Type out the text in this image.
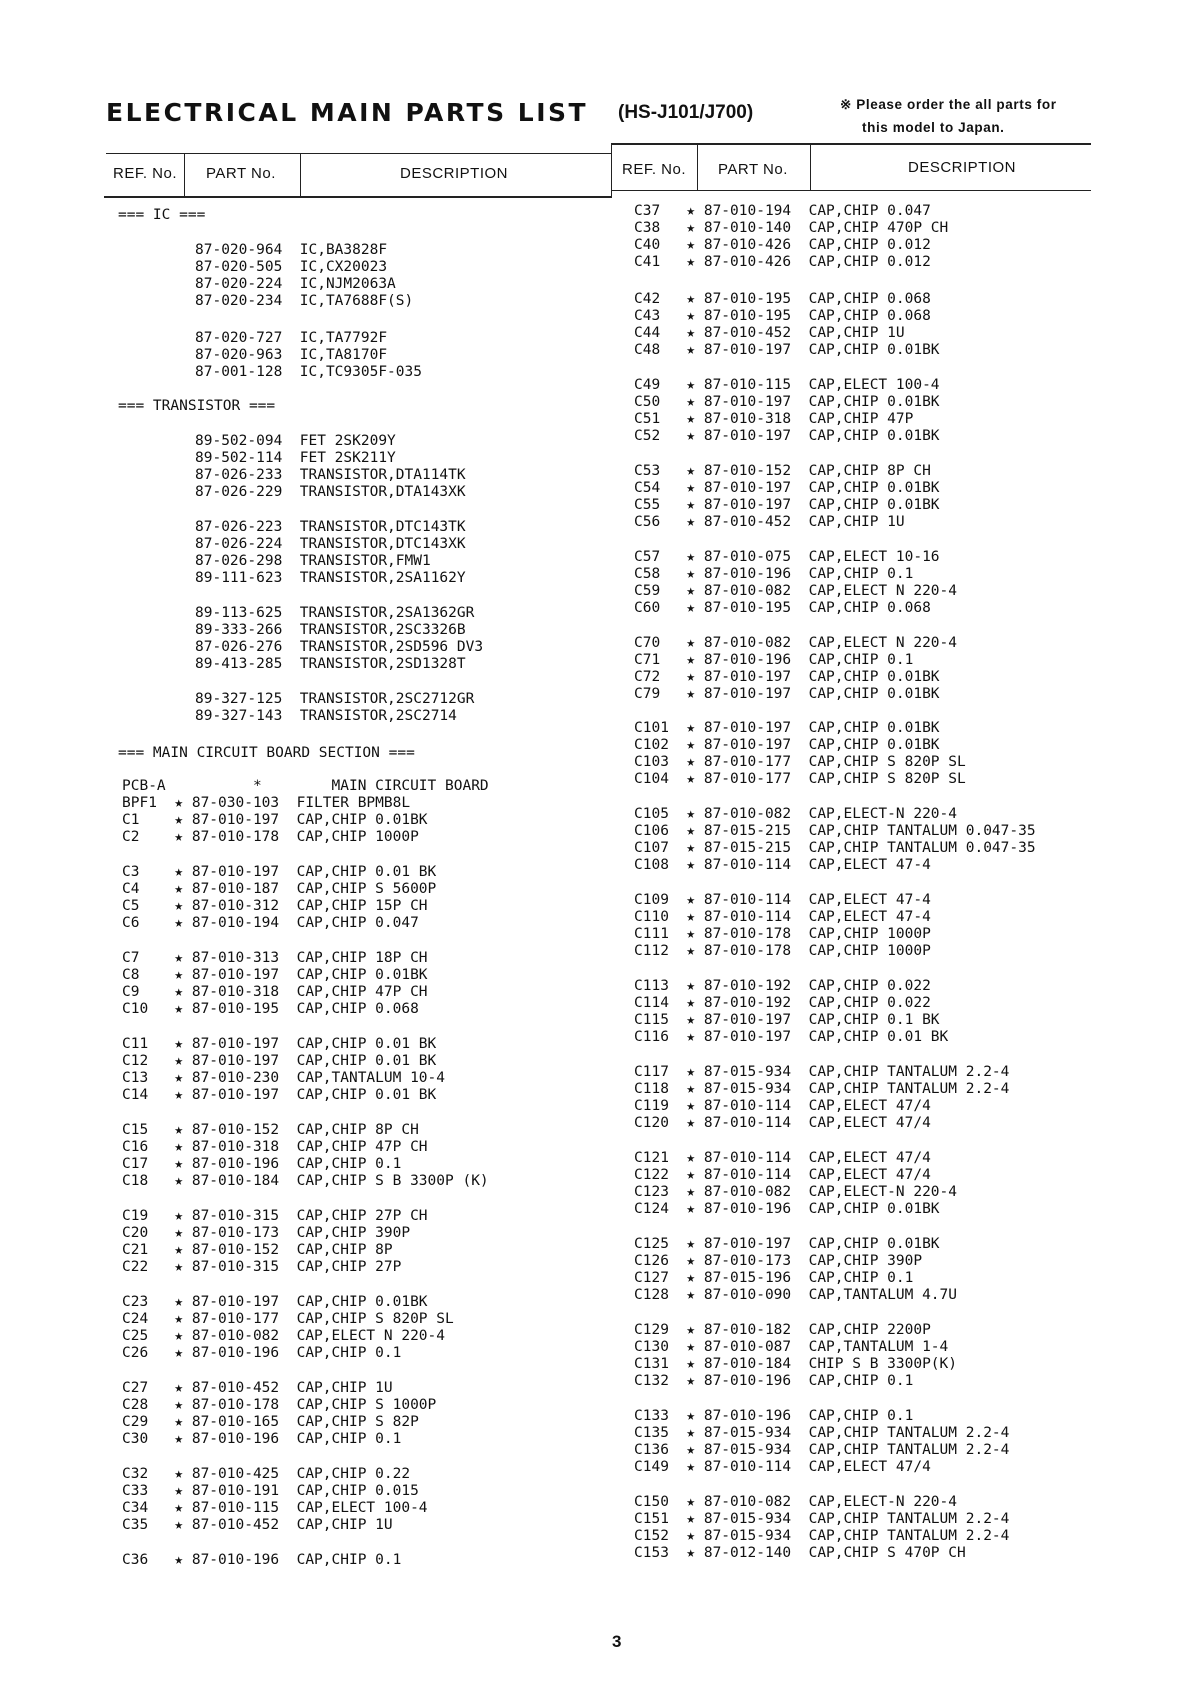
ELECTRICAL MAIN PARTS LIST (HS-J101/J700)	※ Please order the all parts for
this model to Japan.
REF. No. PART No.	DESCRIPTION	REF. No. PART No.	DESCRIPTION
=== IC ===
87-020-964  IC,BA3828F
87-020-505  IC,CX20023
87-020-224  IC,NJM2063A
87-020-234  IC,TA7688F(S)
87-020-727  IC,TA7792F
87-020-963  IC,TA8170F
87-001-128  IC,TC9305F-035
=== TRANSISTOR ===
89-502-094  FET 2SK209Y
89-502-114  FET 2SK211Y
87-026-233  TRANSISTOR,DTA114TK
87-026-229  TRANSISTOR,DTA143XK
87-026-223  TRANSISTOR,DTC143TK
87-026-224  TRANSISTOR,DTC143XK
87-026-298  TRANSISTOR,FMW1
89-111-623  TRANSISTOR,2SA1162Y
89-113-625  TRANSISTOR,2SA1362GR
89-333-266  TRANSISTOR,2SC3326B
87-026-276  TRANSISTOR,2SD596 DV3
89-413-285  TRANSISTOR,2SD1328T
89-327-125  TRANSISTOR,2SC2712GR
89-327-143  TRANSISTOR,2SC2714
=== MAIN CIRCUIT BOARD SECTION ===
PCB-A          *        MAIN CIRCUIT BOARD
BPF1  ★ 87-030-103  FILTER BPMB8L
C1    ★ 87-010-197  CAP,CHIP 0.01BK
C2    ★ 87-010-178  CAP,CHIP 1000P
C3    ★ 87-010-197  CAP,CHIP 0.01 BK
C4    ★ 87-010-187  CAP,CHIP S 5600P
C5    ★ 87-010-312  CAP,CHIP 15P CH
C6    ★ 87-010-194  CAP,CHIP 0.047
C7    ★ 87-010-313  CAP,CHIP 18P CH
C8    ★ 87-010-197  CAP,CHIP 0.01BK
C9    ★ 87-010-318  CAP,CHIP 47P CH
C10   ★ 87-010-195  CAP,CHIP 0.068
C11   ★ 87-010-197  CAP,CHIP 0.01 BK
C12   ★ 87-010-197  CAP,CHIP 0.01 BK
C13   ★ 87-010-230  CAP,TANTALUM 10-4
C14   ★ 87-010-197  CAP,CHIP 0.01 BK
C15   ★ 87-010-152  CAP,CHIP 8P CH
C16   ★ 87-010-318  CAP,CHIP 47P CH
C17   ★ 87-010-196  CAP,CHIP 0.1
C18   ★ 87-010-184  CAP,CHIP S B 3300P (K)
C19   ★ 87-010-315  CAP,CHIP 27P CH
C20   ★ 87-010-173  CAP,CHIP 390P
C21   ★ 87-010-152  CAP,CHIP 8P
C22   ★ 87-010-315  CAP,CHIP 27P
C23   ★ 87-010-197  CAP,CHIP 0.01BK
C24   ★ 87-010-177  CAP,CHIP S 820P SL
C25   ★ 87-010-082  CAP,ELECT N 220-4
C26   ★ 87-010-196  CAP,CHIP 0.1
C27   ★ 87-010-452  CAP,CHIP 1U
C28   ★ 87-010-178  CAP,CHIP S 1000P
C29   ★ 87-010-165  CAP,CHIP S 82P
C30   ★ 87-010-196  CAP,CHIP 0.1
C32   ★ 87-010-425  CAP,CHIP 0.22
C33   ★ 87-010-191  CAP,CHIP 0.015
C34   ★ 87-010-115  CAP,ELECT 100-4
C35   ★ 87-010-452  CAP,CHIP 1U
C36   ★ 87-010-196  CAP,CHIP 0.1
C37   ★ 87-010-194  CAP,CHIP 0.047
C38   ★ 87-010-140  CAP,CHIP 470P CH
C40   ★ 87-010-426  CAP,CHIP 0.012
C41   ★ 87-010-426  CAP,CHIP 0.012
C42   ★ 87-010-195  CAP,CHIP 0.068
C43   ★ 87-010-195  CAP,CHIP 0.068
C44   ★ 87-010-452  CAP,CHIP 1U
C48   ★ 87-010-197  CAP,CHIP 0.01BK
C49   ★ 87-010-115  CAP,ELECT 100-4
C50   ★ 87-010-197  CAP,CHIP 0.01BK
C51   ★ 87-010-318  CAP,CHIP 47P
C52   ★ 87-010-197  CAP,CHIP 0.01BK
C53   ★ 87-010-152  CAP,CHIP 8P CH
C54   ★ 87-010-197  CAP,CHIP 0.01BK
C55   ★ 87-010-197  CAP,CHIP 0.01BK
C56   ★ 87-010-452  CAP,CHIP 1U
C57   ★ 87-010-075  CAP,ELECT 10-16
C58   ★ 87-010-196  CAP,CHIP 0.1
C59   ★ 87-010-082  CAP,ELECT N 220-4
C60   ★ 87-010-195  CAP,CHIP 0.068
C70   ★ 87-010-082  CAP,ELECT N 220-4
C71   ★ 87-010-196  CAP,CHIP 0.1
C72   ★ 87-010-197  CAP,CHIP 0.01BK
C79   ★ 87-010-197  CAP,CHIP 0.01BK
C101  ★ 87-010-197  CAP,CHIP 0.01BK
C102  ★ 87-010-197  CAP,CHIP 0.01BK
C103  ★ 87-010-177  CAP,CHIP S 820P SL
C104  ★ 87-010-177  CAP,CHIP S 820P SL
C105  ★ 87-010-082  CAP,ELECT-N 220-4
C106  ★ 87-015-215  CAP,CHIP TANTALUM 0.047-35
C107  ★ 87-015-215  CAP,CHIP TANTALUM 0.047-35
C108  ★ 87-010-114  CAP,ELECT 47-4
C109  ★ 87-010-114  CAP,ELECT 47-4
C110  ★ 87-010-114  CAP,ELECT 47-4
C111  ★ 87-010-178  CAP,CHIP 1000P
C112  ★ 87-010-178  CAP,CHIP 1000P
C113  ★ 87-010-192  CAP,CHIP 0.022
C114  ★ 87-010-192  CAP,CHIP 0.022
C115  ★ 87-010-197  CAP,CHIP 0.1 BK
C116  ★ 87-010-197  CAP,CHIP 0.01 BK
C117  ★ 87-015-934  CAP,CHIP TANTALUM 2.2-4
C118  ★ 87-015-934  CAP,CHIP TANTALUM 2.2-4
C119  ★ 87-010-114  CAP,ELECT 47/4
C120  ★ 87-010-114  CAP,ELECT 47/4
C121  ★ 87-010-114  CAP,ELECT 47/4
C122  ★ 87-010-114  CAP,ELECT 47/4
C123  ★ 87-010-082  CAP,ELECT-N 220-4
C124  ★ 87-010-196  CAP,CHIP 0.01BK
C125  ★ 87-010-197  CAP,CHIP 0.01BK
C126  ★ 87-010-173  CAP,CHIP 390P
C127  ★ 87-015-196  CAP,CHIP 0.1
C128  ★ 87-010-090  CAP,TANTALUM 4.7U
C129  ★ 87-010-182  CAP,CHIP 2200P
C130  ★ 87-010-087  CAP,TANTALUM 1-4
C131  ★ 87-010-184  CHIP S B 3300P(K)
C132  ★ 87-010-196  CAP,CHIP 0.1
C133  ★ 87-010-196  CAP,CHIP 0.1
C135  ★ 87-015-934  CAP,CHIP TANTALUM 2.2-4
C136  ★ 87-015-934  CAP,CHIP TANTALUM 2.2-4
C149  ★ 87-010-114  CAP,ELECT 47/4
C150  ★ 87-010-082  CAP,ELECT-N 220-4
C151  ★ 87-015-934  CAP,CHIP TANTALUM 2.2-4
C152  ★ 87-015-934  CAP,CHIP TANTALUM 2.2-4
C153  ★ 87-012-140  CAP,CHIP S 470P CH
3
